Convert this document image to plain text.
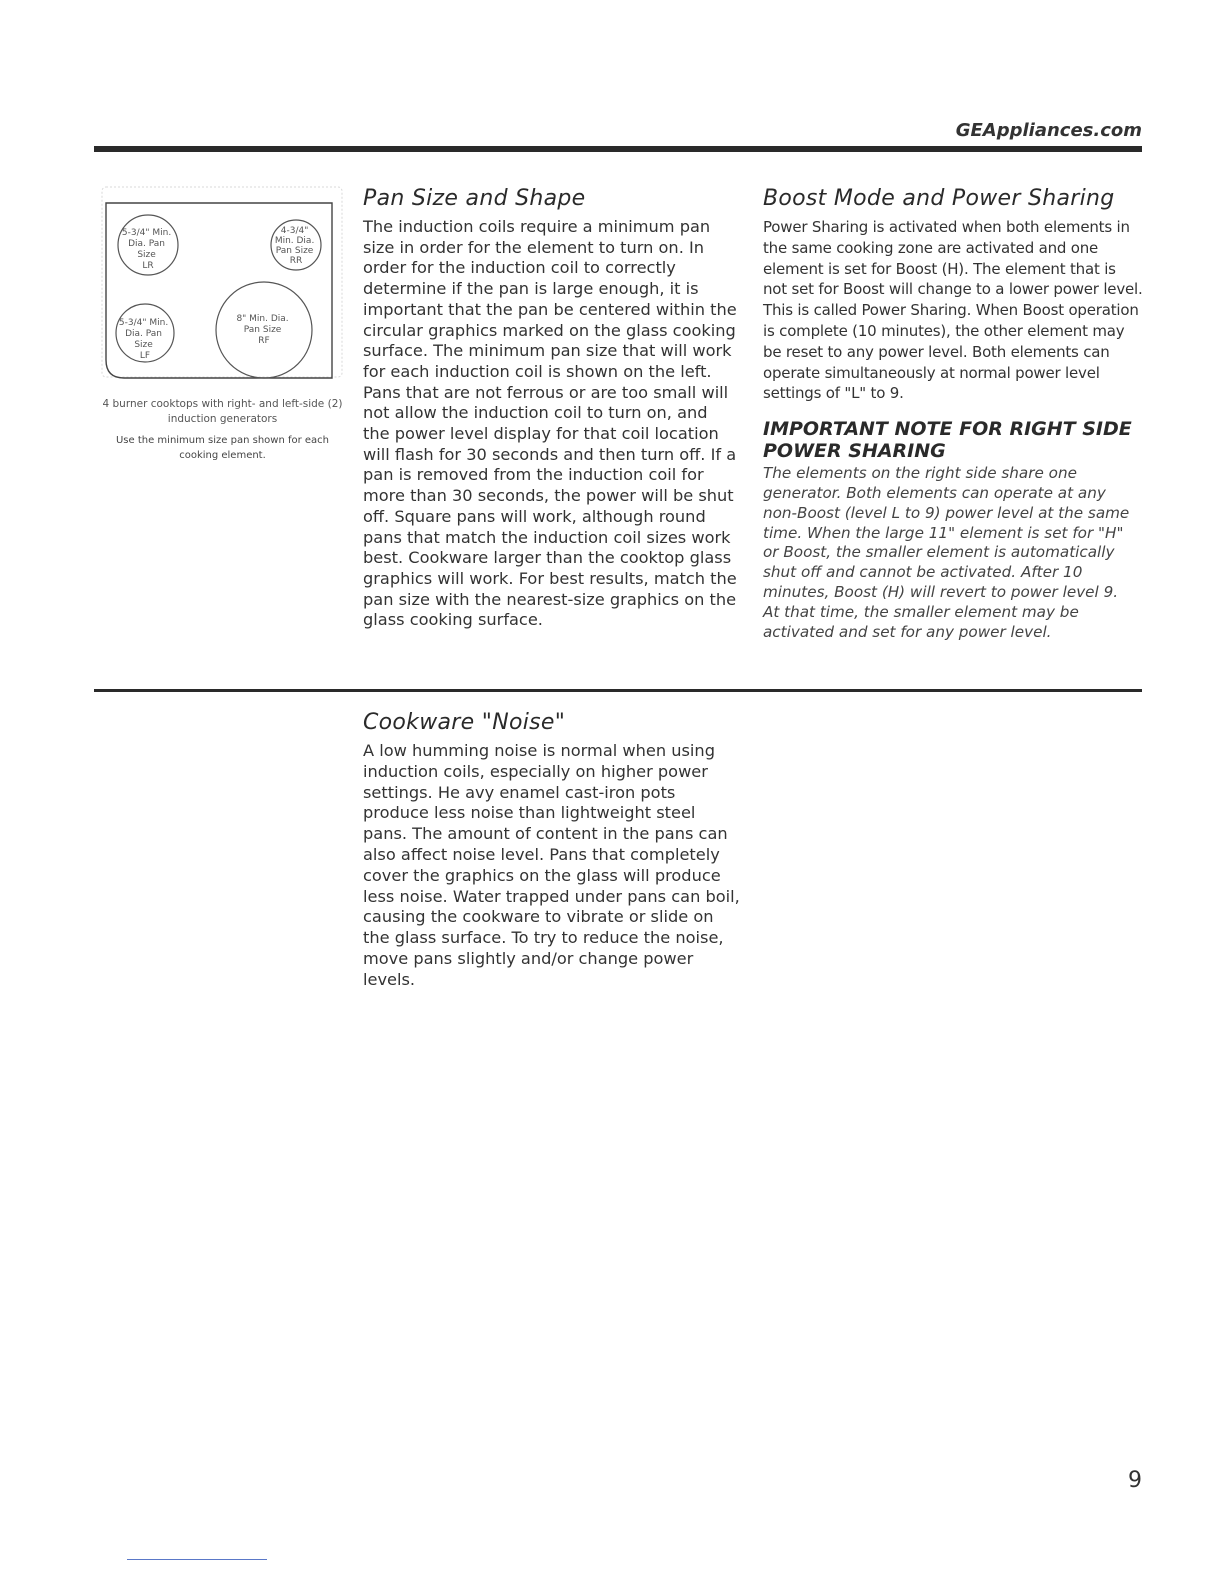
GEAppliances.com
5-3/4" Min. Dia. Pan Size LR
4-3/4" Min. Dia. Pan Size RR
5-3/4" Min. Dia. Pan Size LF
8" Min. Dia. Pan Size RF
4 burner cooktops with right- and left-side (2) induction generators
Use the minimum size pan shown for each cooking element.
Pan Size and Shape

The induction coils require a minimum pan size in order for the element to turn on. In order for the induction coil to correctly determine if the pan is large enough, it is important that the pan be centered within the circular graphics marked on the glass cooking surface. The minimum pan size that will work for each induction coil is shown on the left. Pans that are not ferrous or are too small will not allow the induction coil to turn on, and the power level display for that coil location will flash for 30 seconds and then turn off. If a pan is removed from the induction coil for more than 30 seconds, the power will be shut off. Square pans will work, although round pans that match the induction coil sizes work best. Cookware larger than the cooktop glass graphics will work. For best results, match the pan size with the nearest-size graphics on the glass cooking surface.

Boost Mode and Power Sharing

Power Sharing is activated when both elements in the same cooking zone are activated and one element is set for Boost (H). The element that is not set for Boost will change to a lower power level. This is called Power Sharing. When Boost operation is complete (10 minutes), the other element may be reset to any power level. Both elements can operate simultaneously at normal power level settings of "L" to 9.

IMPORTANT NOTE FOR RIGHT SIDE POWER SHARING

The elements on the right side share one generator. Both elements can operate at any non-Boost (level L to 9) power level at the same time. When the large 11" element is set for "H" or Boost, the smaller element is automatically shut off and cannot be activated. After 10 minutes, Boost (H) will revert to power level 9.

At that time, the smaller element may be activated and set for any power level.

Cookware "Noise"

A low humming noise is normal when using induction coils, especially on higher power settings. He avy enamel cast-iron pots produce less noise than lightweight steel pans. The amount of content in the pans can also affect noise level. Pans that completely cover the graphics on the glass will produce less noise. Water trapped under pans can boil, causing the cookware to vibrate or slide on the glass surface. To try to reduce the noise, move pans slightly and/or change power levels.

9
